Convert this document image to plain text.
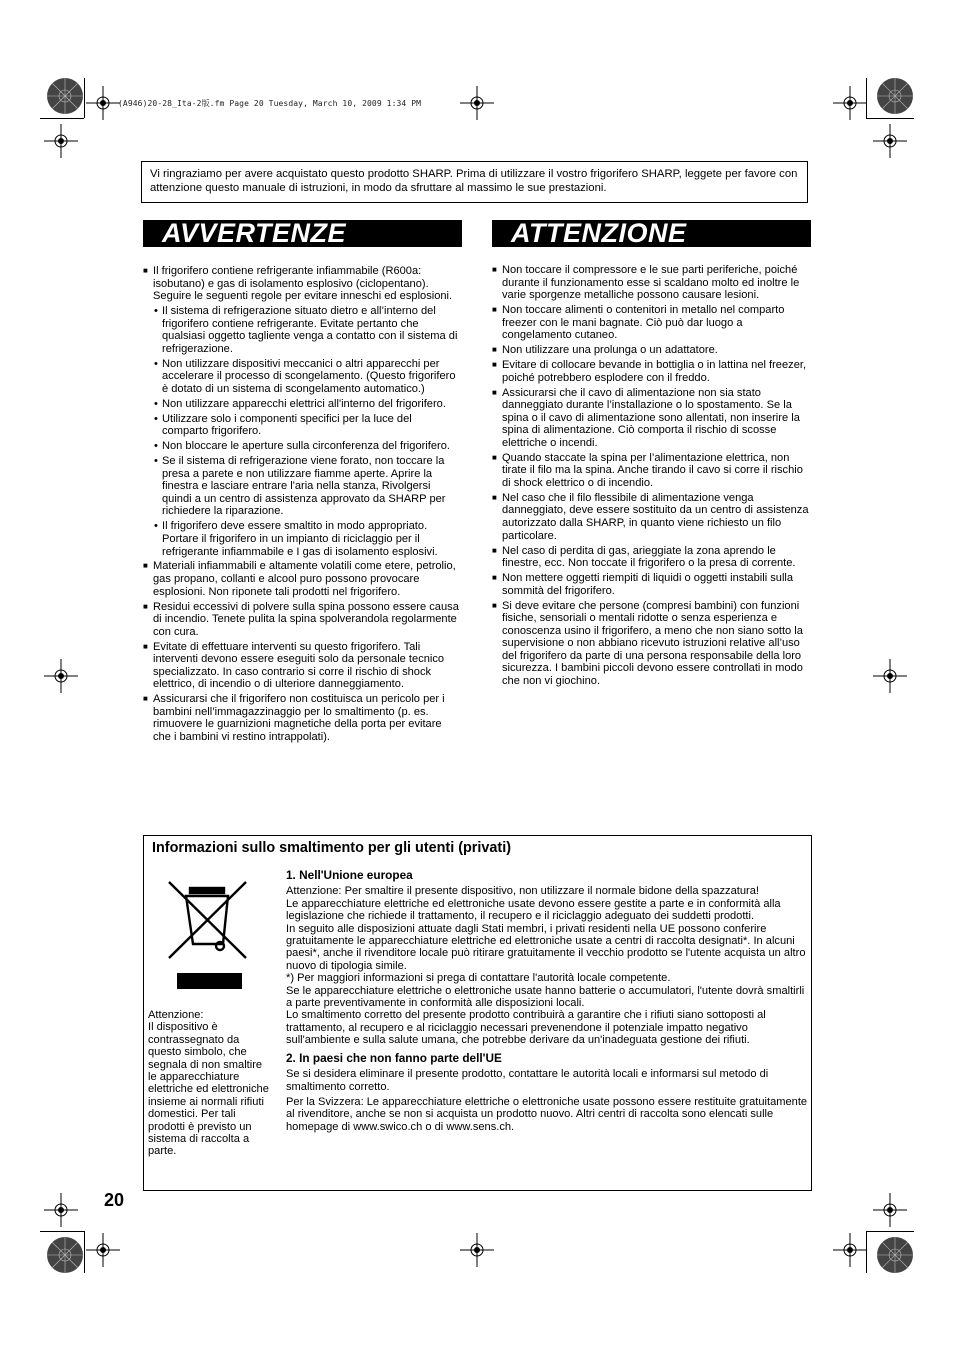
(A946)20-28_Ita-2版.fm Page 20 Tuesday, March 10, 2009 1:34 PM
Vi ringraziamo per avere acquistato questo prodotto SHARP. Prima di utilizzare il vostro frigorifero SHARP, leggete per favore con attenzione questo manuale di istruzioni, in modo da sfruttare al massimo le sue prestazioni.
AVVERTENZE	ATTENZIONE
■ Il frigorifero contiene refrigerante infiammabile (R600a: isobutano) e gas di isolamento esplosivo (ciclopentano). Seguire le seguenti regole per evitare inneschi ed esplosioni.
• Il sistema di refrigerazione situato dietro e all’interno del frigorifero contiene refrigerante. Evitate pertanto che qualsiasi oggetto tagliente venga a contatto con il sistema di refrigerazione.
• Non utilizzare dispositivi meccanici o altri apparecchi per accelerare il processo di scongelamento. (Questo frigorifero è dotato di un sistema di scongelamento automatico.)
• Non utilizzare apparecchi elettrici all'interno del frigorifero.
• Utilizzare solo i componenti specifici per la luce del comparto frigorifero.
• Non bloccare le aperture sulla circonferenza del frigorifero.
• Se il sistema di refrigerazione viene forato, non toccare la presa a parete e non utilizzare fiamme aperte. Aprire la finestra e lasciare entrare l'aria nella stanza, Rivolgersi quindi a un centro di assistenza approvato da SHARP per richiedere la riparazione.
• Il frigorifero deve essere smaltito in modo appropriato. Portare il frigorifero in un impianto di riciclaggio per il refrigerante infiammabile e I gas di isolamento esplosivi.
■ Materiali infiammabili e altamente volatili come etere, petrolio, gas propano, collanti e alcool puro possono provocare esplosioni. Non riponete tali prodotti nel frigorifero.
■ Residui eccessivi di polvere sulla spina possono essere causa di incendio. Tenete pulita la spina spolverandola regolarmente con cura.
■ Evitate di effettuare interventi su questo frigorifero. Tali interventi devono essere eseguiti solo da personale tecnico specializzato. In caso contrario si corre il rischio di shock elettrico, di incendio o di ulteriore danneggiamento.
■ Assicurarsi che il frigorifero non costituisca un pericolo per i bambini nell’immagazzinaggio per lo smaltimento (p. es. rimuovere le guarnizioni magnetiche della porta per evitare che i bambini vi restino intrappolati).
■ Non toccare il compressore e le sue parti periferiche, poiché durante il funzionamento esse si scaldano molto ed inoltre le varie sporgenze metalliche possono causare lesioni.
■ Non toccare alimenti o contenitori in metallo nel comparto freezer con le mani bagnate. Ciò può dar luogo a congelamento cutaneo.
■ Non utilizzare una prolunga o un adattatore.
■ Evitare di collocare bevande in bottiglia o in lattina nel freezer, poiché potrebbero esplodere con il freddo.
■ Assicurarsi che il cavo di alimentazione non sia stato danneggiato durante l’installazione o lo spostamento. Se la spina o il cavo di alimentazione sono allentati, non inserire la spina di alimentazione. Ciò comporta il rischio di scosse elettriche o incendi.
■ Quando staccate la spina per l’alimentazione elettrica, non tirate il filo ma la spina. Anche tirando il cavo si corre il rischio di shock elettrico o di incendio.
■ Nel caso che il filo flessibile di alimentazione venga danneggiato, deve essere sostituito da un centro di assistenza autorizzato dalla SHARP, in quanto viene richiesto un filo particolare.
■ Nel caso di perdita di gas, arieggiate la zona aprendo le finestre, ecc. Non toccate il frigorifero o la presa di corrente.
■ Non mettere oggetti riempiti di liquidi o oggetti instabili sulla sommità del frigorifero.
■ Si deve evitare che persone (compresi bambini) con funzioni fisiche, sensoriali o mentali ridotte o senza esperienza e conoscenza usino il frigorifero, a meno che non siano sotto la supervisione o non abbiano ricevuto istruzioni relative all’uso del frigorifero da parte di una persona responsabile della loro sicurezza. I bambini piccoli devono essere controllati in modo che non vi giochino.
Informazioni sullo smaltimento per gli utenti (privati)
Attenzione:
Il dispositivo è contrassegnato da questo simbolo, che segnala di non smaltire le apparecchiature elettriche ed elettroniche insieme ai normali rifiuti domestici. Per tali prodotti è previsto un sistema di raccolta a parte.

1. Nell'Unione europea

Attenzione: Per smaltire il presente dispositivo, non utilizzare il normale bidone della spazzatura!

Le apparecchiature elettriche ed elettroniche usate devono essere gestite a parte e in conformità alla legislazione che richiede il trattamento, il recupero e il riciclaggio adeguato dei suddetti prodotti.

In seguito alle disposizioni attuate dagli Stati membri, i privati residenti nella UE possono conferire gratuitamente le apparecchiature elettriche ed elettroniche usate a centri di raccolta designati*. In alcuni paesi*, anche il rivenditore locale può ritirare gratuitamente il vecchio prodotto se l'utente acquista un altro nuovo di tipologia simile.

*) Per maggiori informazioni si prega di contattare l'autorità locale competente.

Se le apparecchiature elettriche o elettroniche usate hanno batterie o accumulatori, l'utente dovrà smaltirli a parte preventivamente in conformità alle disposizioni locali.

Lo smaltimento corretto del presente prodotto contribuirà a garantire che i rifiuti siano sottoposti al trattamento, al recupero e al riciclaggio necessari prevenendone il potenziale impatto negativo sull'ambiente e sulla salute umana, che potrebbe derivare da un'inadeguata gestione dei rifiuti.

2. In paesi che non fanno parte dell'UE

Se si desidera eliminare il presente prodotto, contattare le autorità locali e informarsi sul metodo di smaltimento corretto.

Per la Svizzera: Le apparecchiature elettriche o elettroniche usate possono essere restituite gratuitamente al rivenditore, anche se non si acquista un prodotto nuovo. Altri centri di raccolta sono elencati sulle homepage di www.swico.ch o di www.sens.ch.

20
